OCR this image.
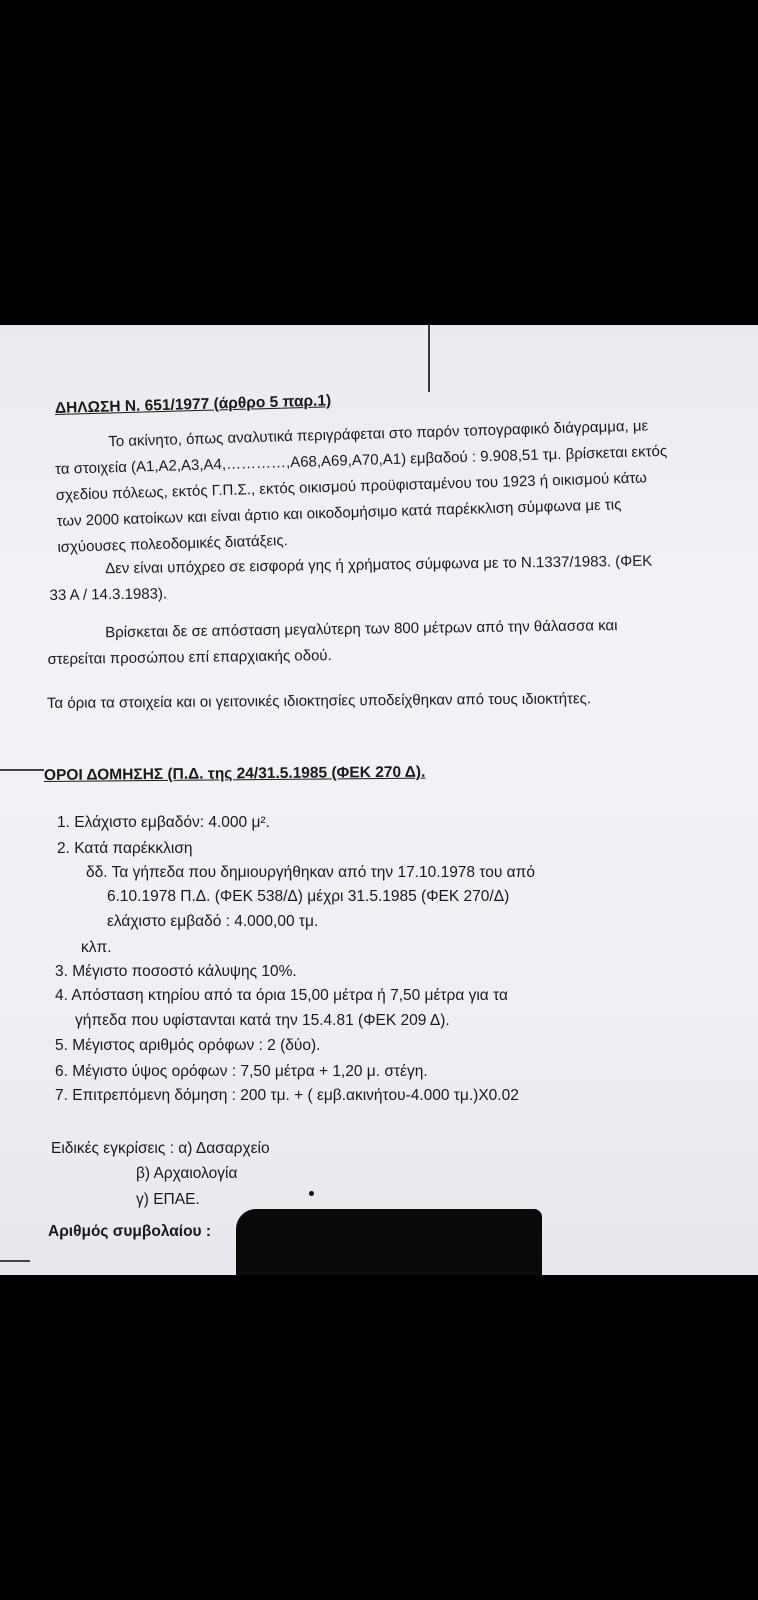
ΔΗΛΩΣΗ Ν. 651/1977 (άρθρο 5 παρ.1)
Το ακίνητο, όπως αναλυτικά περιγράφεται στο παρόν τοπογραφικό διάγραμμα, με
τα στοιχεία (Α1,Α2,Α3,Α4,…………,Α68,Α69,Α70,Α1) εμβαδού : 9.908,51 τμ. βρίσκεται εκτός
σχεδίου πόλεως, εκτός Γ.Π.Σ., εκτός οικισμού προϋφισταμένου του 1923 ή οικισμού κάτω
των 2000 κατοίκων και είναι άρτιο και οικοδομήσιμο κατά παρέκκλιση σύμφωνα με τις
ισχύουσες πολεοδομικές διατάξεις.
Δεν είναι υπόχρεο σε εισφορά γης ή χρήματος σύμφωνα με το Ν.1337/1983. (ΦΕΚ
33 Α / 14.3.1983).
Βρίσκεται δε σε απόσταση μεγαλύτερη των 800 μέτρων από την θάλασσα και
στερείται προσώπου επί επαρχιακής οδού.
Τα όρια τα στοιχεία και οι γειτονικές ιδιοκτησίες υποδείχθηκαν από τους ιδιοκτήτες.
ΟΡΟΙ ΔΟΜΗΣΗΣ (Π.Δ. της 24/31.5.1985 (ΦΕΚ 270 Δ).
1. Ελάχιστο εμβαδόν: 4.000 μ².
2. Κατά παρέκκλιση
δδ. Τα γήπεδα που δημιουργήθηκαν από την 17.10.1978 του από
6.10.1978 Π.Δ. (ΦΕΚ 538/Δ) μέχρι 31.5.1985 (ΦΕΚ 270/Δ)
ελάχιστο εμβαδό : 4.000,00 τμ.
κλπ.
3. Μέγιστο ποσοστό κάλυψης 10%.
4. Απόσταση κτηρίου από τα όρια 15,00 μέτρα ή 7,50 μέτρα για τα
γήπεδα που υφίστανται κατά την 15.4.81 (ΦΕΚ 209 Δ).
5. Μέγιστος αριθμός ορόφων : 2 (δύο).
6. Μέγιστο ύψος ορόφων : 7,50 μέτρα + 1,20 μ. στέγη.
7. Επιτρεπόμενη δόμηση : 200 τμ. + ( εμβ.ακινήτου-4.000 τμ.)Χ0.02
Ειδικές εγκρίσεις : α) Δασαρχείο
β) Αρχαιολογία
γ) ΕΠΑΕ.
Αριθμός συμβολαίου :
